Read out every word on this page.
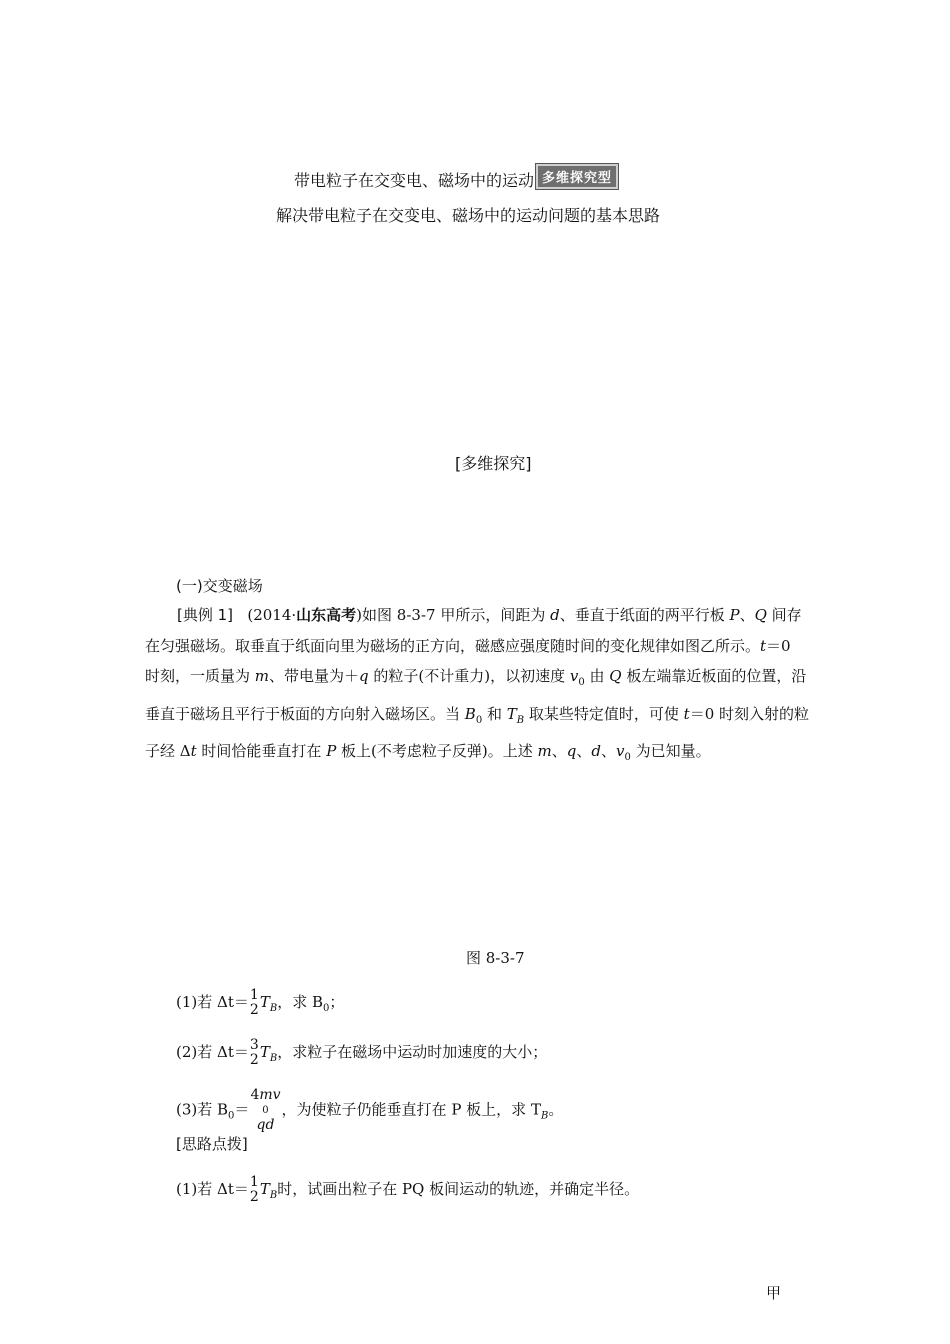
带电粒子在交变电、磁场中的运动 多维探究型
解决带电粒子在交变电、磁场中的运动问题的基本思路
[多维探究]
(一)交变磁场
[典例 1] (2014·山东高考)如图 8-3-7 甲所示，间距为 d、垂直于纸面的两平行板 P、Q 间存在匀强磁场。取垂直于纸面向里为磁场的正方向，磁感应强度随时间的变化规律如图乙所示。t＝0 时刻，一质量为 m、带电量为＋q 的粒子(不计重力)，以初速度 $v_0$ 由 Q 板左端靠近板面的位置，沿垂直于磁场且平行于板面的方向射入磁场区。当 $B_0$ 和 $T_B$ 取某些特定值时，可使 t＝0 时刻入射的粒子经 Δt 时间恰能垂直打在 P 板上(不考虑粒子反弹)。上述 m、q、d、$v_0$ 为已知量。
图 8-3-7
(1)若 Δt＝ 1
2 $T_B$，求 $B_0$；
(2)若 Δt＝ 3
2 $T_B$，求粒子在磁场中运动时加速度的大小；
(3)若 $B_0=$
4mv
0
qd
，为使粒子仍能垂直打在 P 板上，求 $T_B$。
[思路点拨]
(1)若 Δt＝ 1
2 $T_B$时，试画出粒子在 PQ 板间运动的轨迹，并确定半径。
甲
